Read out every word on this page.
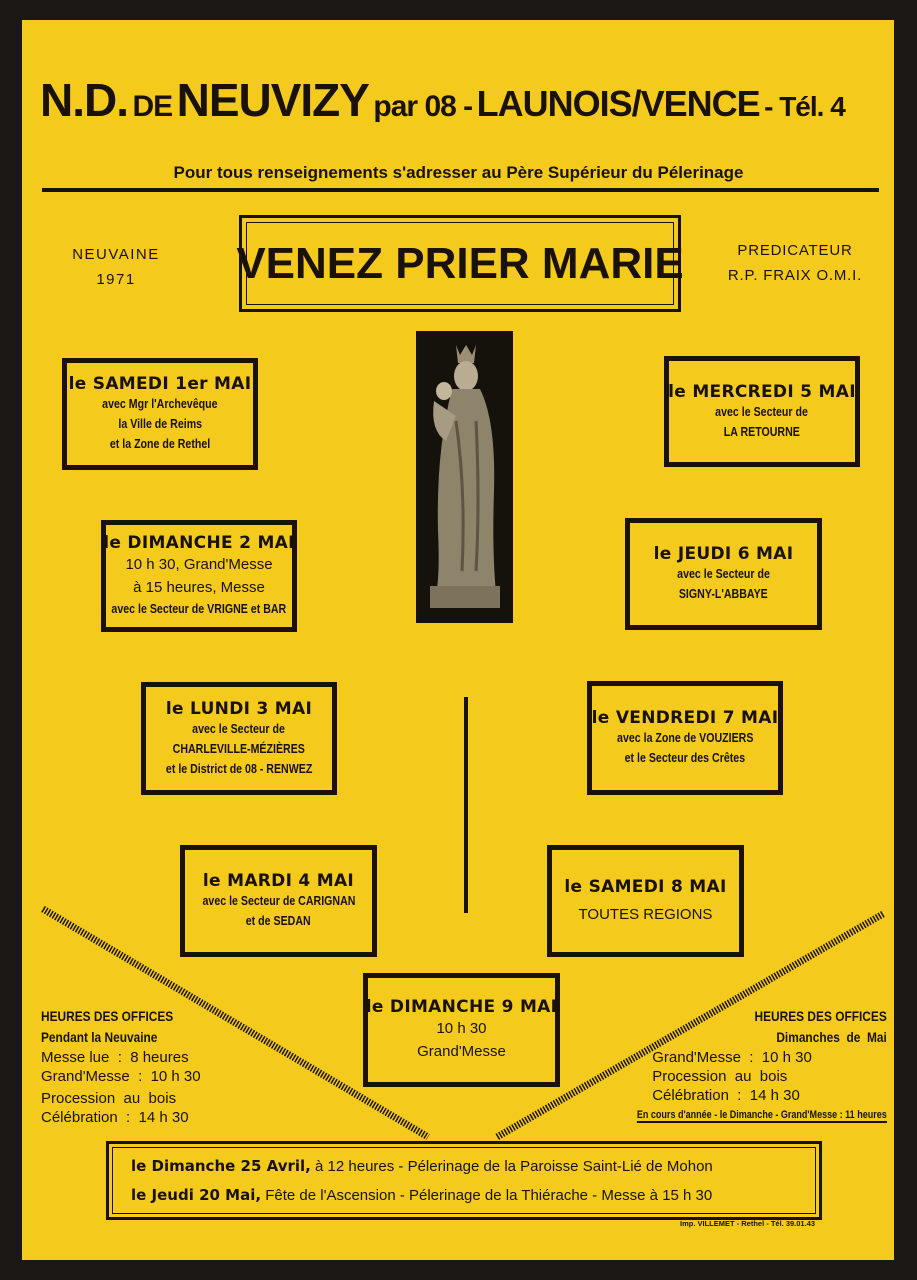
N.D. DE NEUVIZY par 08 - LAUNOIS/VENCE - Tél. 4
Pour tous renseignements s'adresser au Père Supérieur du Pélerinage
NEUVAINE
1971	VENEZ PRIER MARIE	PREDICATEUR
R.P. FRAIX O.M.I.
le SAMEDI 1er MAI
avec Mgr l'Archevêque
la Ville de Reims
et la Zone de Rethel
le DIMANCHE 2 MAI
10 h 30, Grand'Messe
à 15 heures, Messe
avec le Secteur de VRIGNE et BAR
le LUNDI 3 MAI
avec le Secteur de
CHARLEVILLE-MÉZIÈRES
et le District de 08 - RENWEZ
le MARDI 4 MAI
avec le Secteur de CARIGNAN
et de SEDAN
le MERCREDI 5 MAI
avec le Secteur de
LA RETOURNE
le JEUDI 6 MAI
avec le Secteur de
SIGNY-L'ABBAYE
le VENDREDI 7 MAI
avec la Zone de VOUZIERS
et le Secteur des Crêtes
le SAMEDI 8 MAI
TOUTES REGIONS
le DIMANCHE 9 MAI
10 h 30
Grand'Messe
HEURES DES OFFICES
Pendant la Neuvaine
Messe lue  :  8 heures
Grand'Messe  :  10 h 30
Procession  au  bois
Célébration  :  14 h 30
HEURES DES OFFICES
Dimanches  de  Mai
Grand'Messe  :  10 h 30
Procession  au  bois
Célébration  :  14 h 30
En cours d'année - le Dimanche - Grand'Messe : 11 heures
le Dimanche 25 Avril, à 12 heures - Pélerinage de la Paroisse Saint-Lié de Mohon
le Jeudi 20 Mai, Fête de l'Ascension - Pélerinage de la Thiérache - Messe à 15 h 30
Imp. VILLEMET - Rethel - Tél. 39.01.43
